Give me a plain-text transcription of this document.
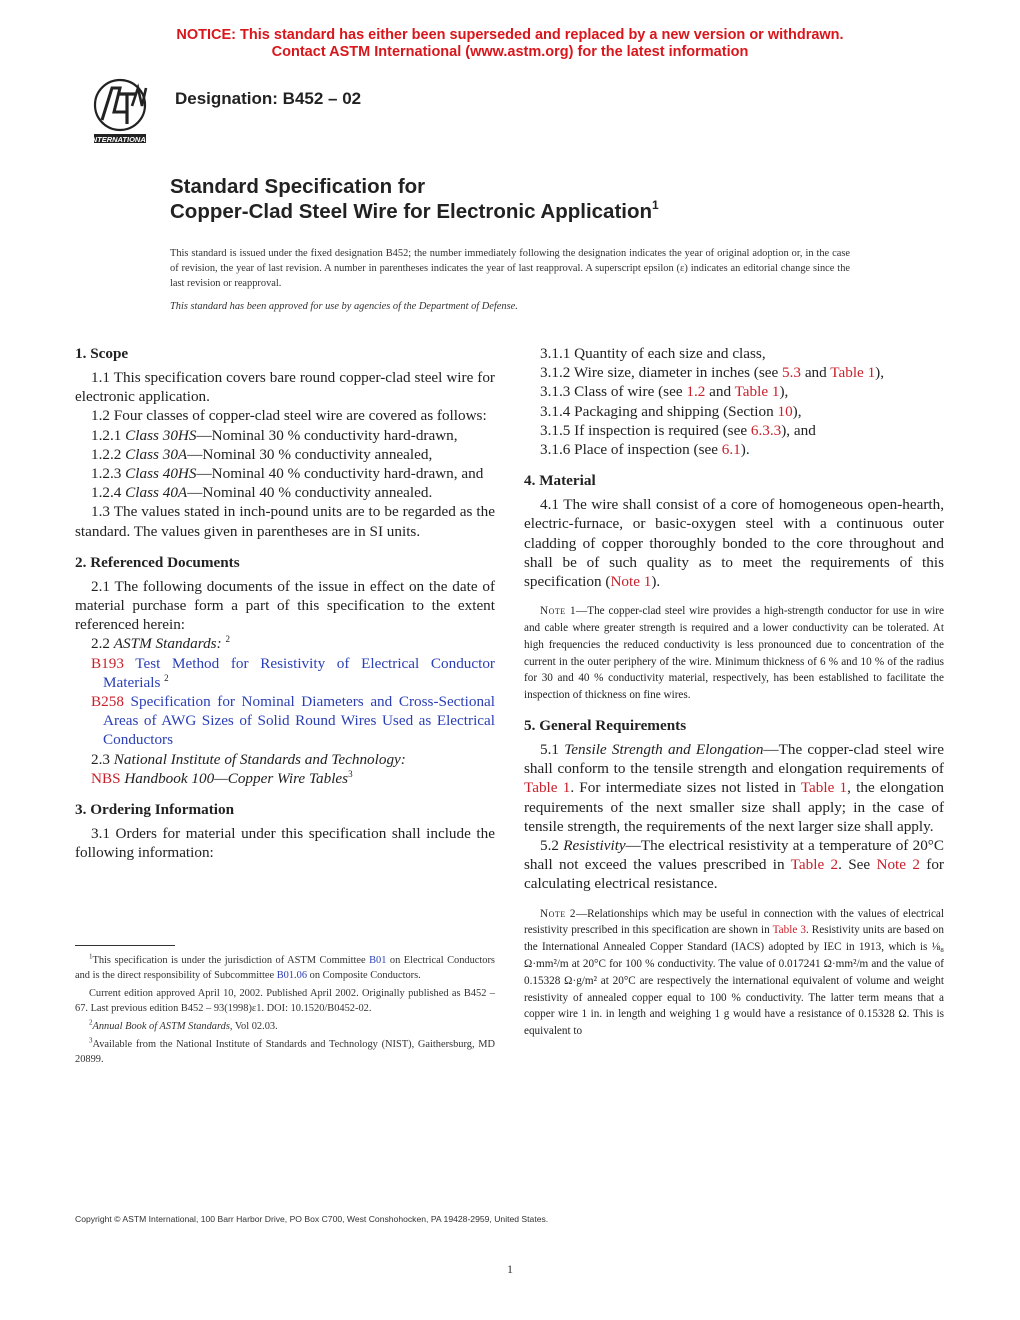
NOTICE: This standard has either been superseded and replaced by a new version or withdrawn.
Contact ASTM International (www.astm.org) for the latest information
INTERNATIONAL
Designation: B452 – 02
Standard Specification for
Copper-Clad Steel Wire for Electronic Application$^1$
This standard is issued under the fixed designation B452; the number immediately following the designation indicates the year of original adoption or, in the case of revision, the year of last revision. A number in parentheses indicates the year of last reapproval. A superscript epsilon (ε) indicates an editorial change since the last revision or reapproval.
This standard has been approved for use by agencies of the Department of Defense.
1. Scope

1.1 This specification covers bare round copper-clad steel wire for electronic application.

1.2 Four classes of copper-clad steel wire are covered as follows:

1.2.1 Class 30HS—Nominal 30 % conductivity hard-drawn,

1.2.2 Class 30A—Nominal 30 % conductivity annealed,

1.2.3 Class 40HS—Nominal 40 % conductivity hard-drawn, and

1.2.4 Class 40A—Nominal 40 % conductivity annealed.

1.3 The values stated in inch-pound units are to be regarded as the standard. The values given in parentheses are in SI units.

2. Referenced Documents

2.1 The following documents of the issue in effect on the date of material purchase form a part of this specification to the extent referenced herein:

2.2 ASTM Standards: $^2$

B193 Test Method for Resistivity of Electrical Conductor Materials $^2$

B258 Specification for Nominal Diameters and Cross-Sectional Areas of AWG Sizes of Solid Round Wires Used as Electrical Conductors

2.3 National Institute of Standards and Technology:

NBS Handbook 100—Copper Wire Tables$^3$

3. Ordering Information

3.1 Orders for material under this specification shall include the following information:

3.1.1 Quantity of each size and class,

3.1.2 Wire size, diameter in inches (see 5.3 and Table 1),

3.1.3 Class of wire (see 1.2 and Table 1),

3.1.4 Packaging and shipping (Section 10),

3.1.5 If inspection is required (see 6.3.3), and

3.1.6 Place of inspection (see 6.1).

4. Material

4.1 The wire shall consist of a core of homogeneous open-hearth, electric-furnace, or basic-oxygen steel with a continuous outer cladding of copper thoroughly bonded to the core throughout and shall be of such quality as to meet the requirements of this specification (Note 1).

Note 1—The copper-clad steel wire provides a high-strength conductor for use in wire and cable where greater strength is required and a lower conductivity can be tolerated. At high frequencies the reduced conductivity is less pronounced due to concentration of the current in the outer periphery of the wire. Minimum thickness of 6 % and 10 % of the radius for 30 and 40 % conductivity material, respectively, has been established to facilitate the inspection of thickness on fine wires.

5. General Requirements

5.1 Tensile Strength and Elongation—The copper-clad steel wire shall conform to the tensile strength and elongation requirements of Table 1. For intermediate sizes not listed in Table 1, the elongation requirements of the next smaller size shall apply; in the case of tensile strength, the requirements of the next larger size shall apply.

5.2 Resistivity—The electrical resistivity at a temperature of 20°C shall not exceed the values prescribed in Table 2. See Note 2 for calculating electrical resistance.

Note 2—Relationships which may be useful in connection with the values of electrical resistivity prescribed in this specification are shown in Table 3. Resistivity units are based on the International Annealed Copper Standard (IACS) adopted by IEC in 1913, which is ⅛₈ Ω·mm²/m at 20°C for 100 % conductivity. The value of 0.017241 Ω·mm²/m and the value of 0.15328 Ω·g/m² at 20°C are respectively the international equivalent of volume and weight resistivity of annealed copper equal to 100 % conductivity. The latter term means that a copper wire 1 in. in length and weighing 1 g would have a resistance of 0.15328 Ω. This is equivalent to

$^1$This specification is under the jurisdiction of ASTM Committee B01 on Electrical Conductors and is the direct responsibility of Subcommittee B01.06 on Composite Conductors.

Current edition approved April 10, 2002. Published April 2002. Originally published as B452 – 67. Last previous edition B452 – 93(1998)ε1. DOI: 10.1520/B0452-02.

$^2$Annual Book of ASTM Standards, Vol 02.03.

$^3$Available from the National Institute of Standards and Technology (NIST), Gaithersburg, MD 20899.

Copyright © ASTM International, 100 Barr Harbor Drive, PO Box C700, West Conshohocken, PA 19428-2959, United States.
1
